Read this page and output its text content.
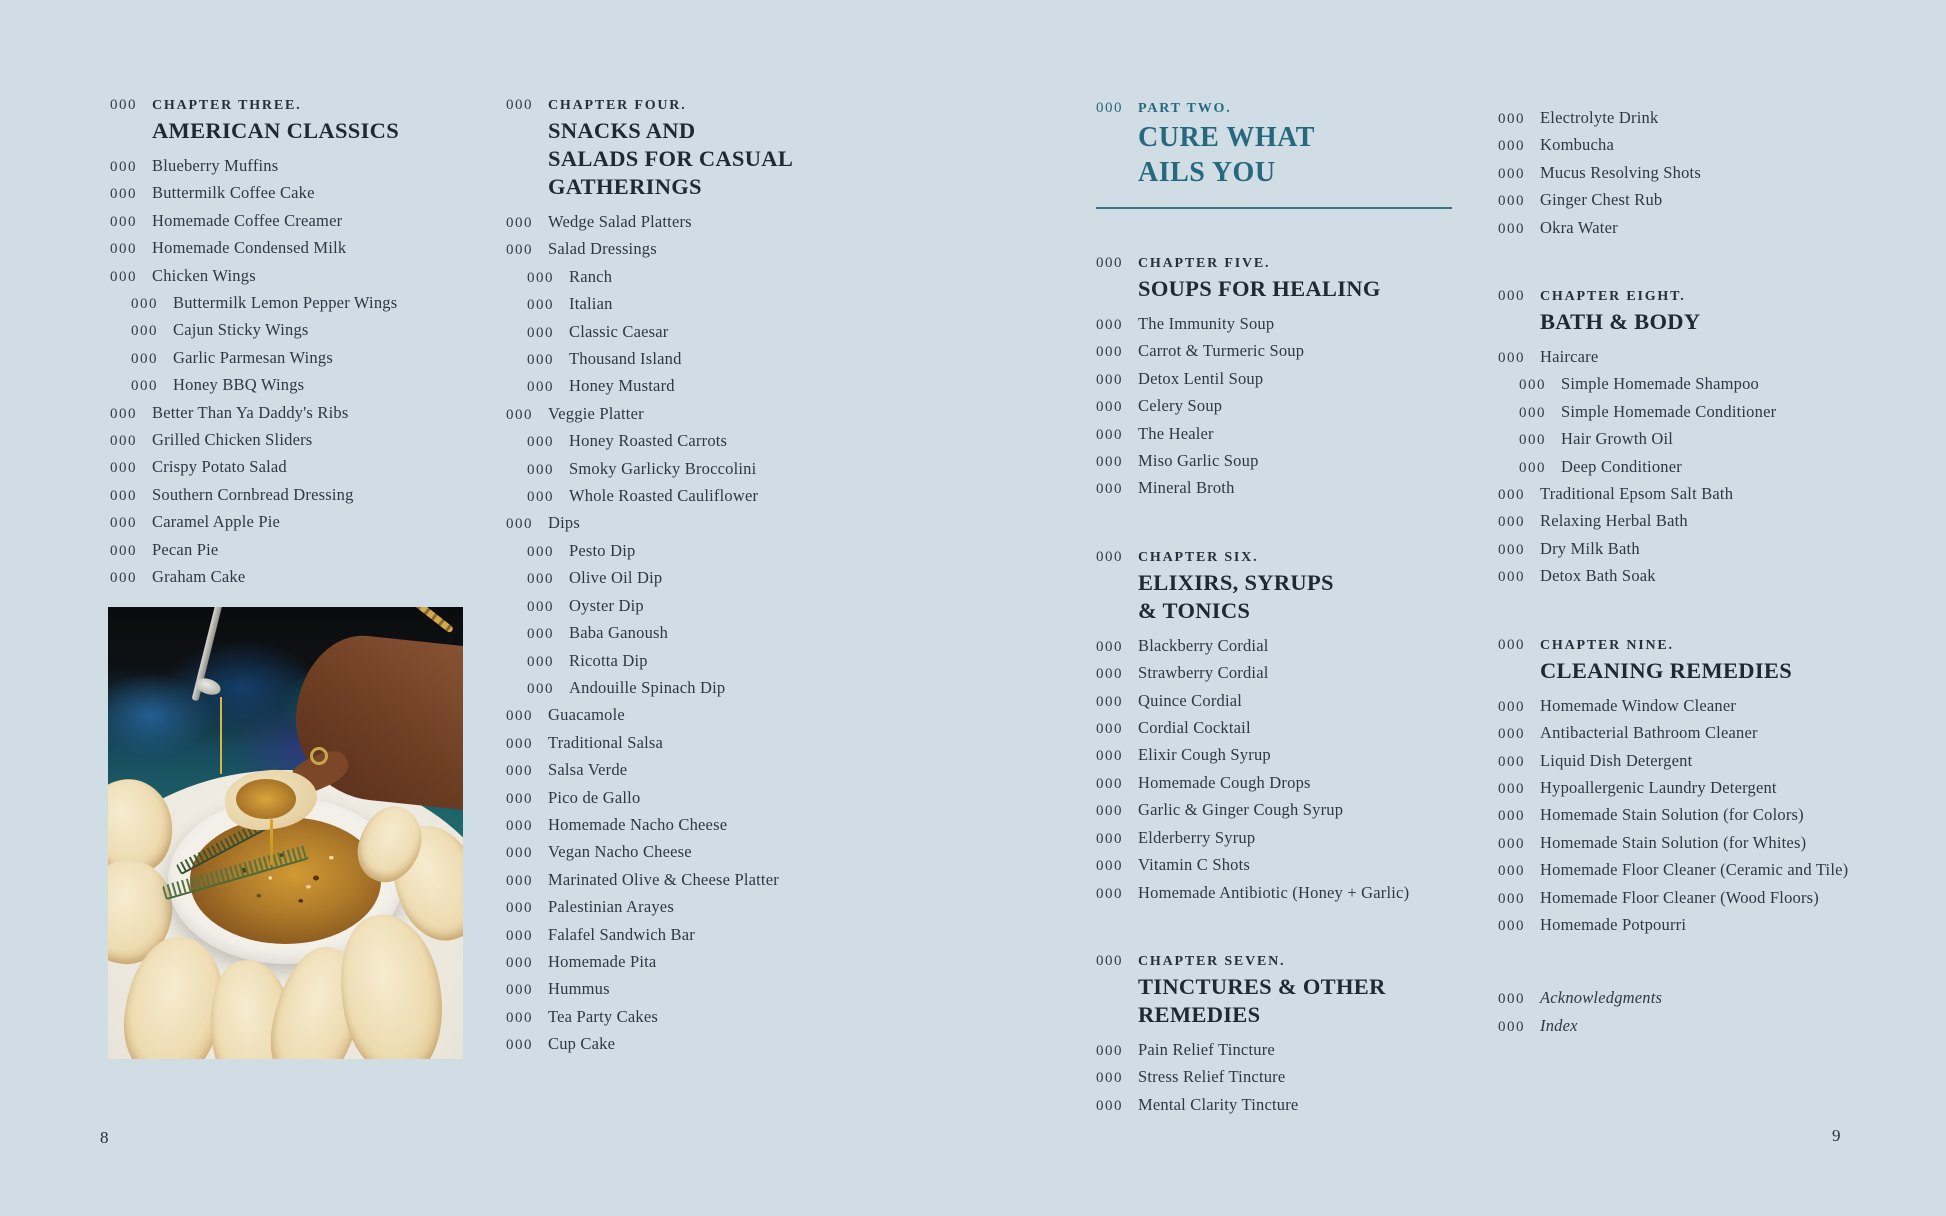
000 CHAPTER THREE.
AMERICAN CLASSICS
000 Blueberry Muffins
000 Buttermilk Coffee Cake
000 Homemade Coffee Creamer
000 Homemade Condensed Milk
000 Chicken Wings
000 Buttermilk Lemon Pepper Wings
000 Cajun Sticky Wings
000 Garlic Parmesan Wings
000 Honey BBQ Wings
000 Better Than Ya Daddy's Ribs
000 Grilled Chicken Sliders
000 Crispy Potato Salad
000 Southern Cornbread Dressing
000 Caramel Apple Pie
000 Pecan Pie
000 Graham Cake
000 CHAPTER FOUR.
SNACKS AND
SALADS FOR CASUAL
GATHERINGS
000 Wedge Salad Platters
000 Salad Dressings
000 Ranch
000 Italian
000 Classic Caesar
000 Thousand Island
000 Honey Mustard
000 Veggie Platter
000 Honey Roasted Carrots
000 Smoky Garlicky Broccolini
000 Whole Roasted Cauliflower
000 Dips
000 Pesto Dip
000 Olive Oil Dip
000 Oyster Dip
000 Baba Ganoush
000 Ricotta Dip
000 Andouille Spinach Dip
000 Guacamole
000 Traditional Salsa
000 Salsa Verde
000 Pico de Gallo
000 Homemade Nacho Cheese
000 Vegan Nacho Cheese
000 Marinated Olive & Cheese Platter
000 Palestinian Arayes
000 Falafel Sandwich Bar
000 Homemade Pita
000 Hummus
000 Tea Party Cakes
000 Cup Cake
000 PART TWO.
CURE WHAT
AILS YOU
000 CHAPTER FIVE.
SOUPS FOR HEALING
000 The Immunity Soup
000 Carrot & Turmeric Soup
000 Detox Lentil Soup
000 Celery Soup
000 The Healer
000 Miso Garlic Soup
000 Mineral Broth
000 CHAPTER SIX.
ELIXIRS, SYRUPS
& TONICS
000 Blackberry Cordial
000 Strawberry Cordial
000 Quince Cordial
000 Cordial Cocktail
000 Elixir Cough Syrup
000 Homemade Cough Drops
000 Garlic & Ginger Cough Syrup
000 Elderberry Syrup
000 Vitamin C Shots
000 Homemade Antibiotic (Honey + Garlic)
000 CHAPTER SEVEN.
TINCTURES & OTHER
REMEDIES
000 Pain Relief Tincture
000 Stress Relief Tincture
000 Mental Clarity Tincture
000 Electrolyte Drink
000 Kombucha
000 Mucus Resolving Shots
000 Ginger Chest Rub
000 Okra Water
000 CHAPTER EIGHT.
BATH & BODY
000 Haircare
000 Simple Homemade Shampoo
000 Simple Homemade Conditioner
000 Hair Growth Oil
000 Deep Conditioner
000 Traditional Epsom Salt Bath
000 Relaxing Herbal Bath
000 Dry Milk Bath
000 Detox Bath Soak
000 CHAPTER NINE.
CLEANING REMEDIES
000 Homemade Window Cleaner
000 Antibacterial Bathroom Cleaner
000 Liquid Dish Detergent
000 Hypoallergenic Laundry Detergent
000 Homemade Stain Solution (for Colors)
000 Homemade Stain Solution (for Whites)
000 Homemade Floor Cleaner (Ceramic and Tile)
000 Homemade Floor Cleaner (Wood Floors)
000 Homemade Potpourri
000 Acknowledgments
000 Index
8	9
